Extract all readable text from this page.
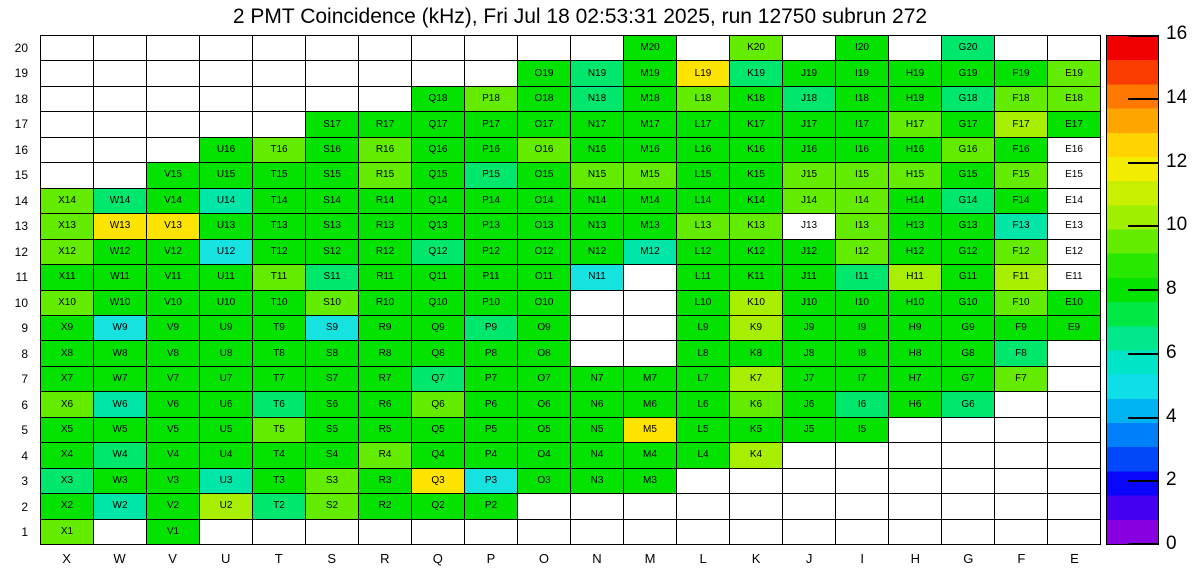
2 PMT Coincidence (kHz), Fri Jul 18 02:53:31 2025, run 12750 subrun 272
20
19
18
17
16
15
14
13
12
11
10
9
8
7
6
5
4
3
2
1
M20	K20	I20	G20
O19	N19	M19	L19	K19	J19	I19	H19	G19	F19	E19
Q18	P18	O18	N18	M18	L18	K18	J18	I18	H18	G18	F18	E18
S17	R17	Q17	P17	O17	N17	M17	L17	K17	J17	I17	H17	G17	F17	E17
U16	T16	S16	R16	Q16	P16	O16	N16	M16	L16	K16	J16	I16	H16	G16	F16	E16
V15	U15	T15	S15	R15	Q15	P15	O15	N15	M15	L15	K15	J15	I15	H15	G15	F15	E15
X14	W14	V14	U14	T14	S14	R14	Q14	P14	O14	N14	M14	L14	K14	J14	I14	H14	G14	F14	E14
X13	W13	V13	U13	T13	S13	R13	Q13	P13	O13	N13	M13	L13	K13	J13	I13	H13	G13	F13	E13
X12	W12	V12	U12	T12	S12	R12	Q12	P12	O12	N12	M12	L12	K12	J12	I12	H12	G12	F12	E12
X11	W11	V11	U11	T11	S11	R11	Q11	P11	O11	N11	L11	K11	J11	I11	H11	G11	F11	E11
X10	W10	V10	U10	T10	S10	R10	Q10	P10	O10	L10	K10	J10	I10	H10	G10	F10	E10
X9	W9	V9	U9	T9	S9	R9	Q9	P9	O9	L9	K9	J9	I9	H9	G9	F9	E9
X8	W8	V8	U8	T8	S8	R8	Q8	P8	O8	L8	K8	J8	I8	H8	G8	F8
X7	W7	V7	U7	T7	S7	R7	Q7	P7	O7	N7	M7	L7	K7	J7	I7	H7	G7	F7
X6	W6	V6	U6	T6	S6	R6	Q6	P6	O6	N6	M6	L6	K6	J6	I6	H6	G6
X5	W5	V5	U5	T5	S5	R5	Q5	P5	O5	N5	M5	L5	K5	J5	I5
X4	W4	V4	U4	T4	S4	R4	Q4	P4	O4	N4	M4	L4	K4
X3	W3	V3	U3	T3	S3	R3	Q3	P3	O3	N3	M3
X2	W2	V2	U2	T2	S2	R2	Q2	P2
X1	V1
X	W	V	U	T	S	R	Q	P	O	N	M	L	K	J	I	H	G	F	E
16
14
12
10
8
6
4
2
0
